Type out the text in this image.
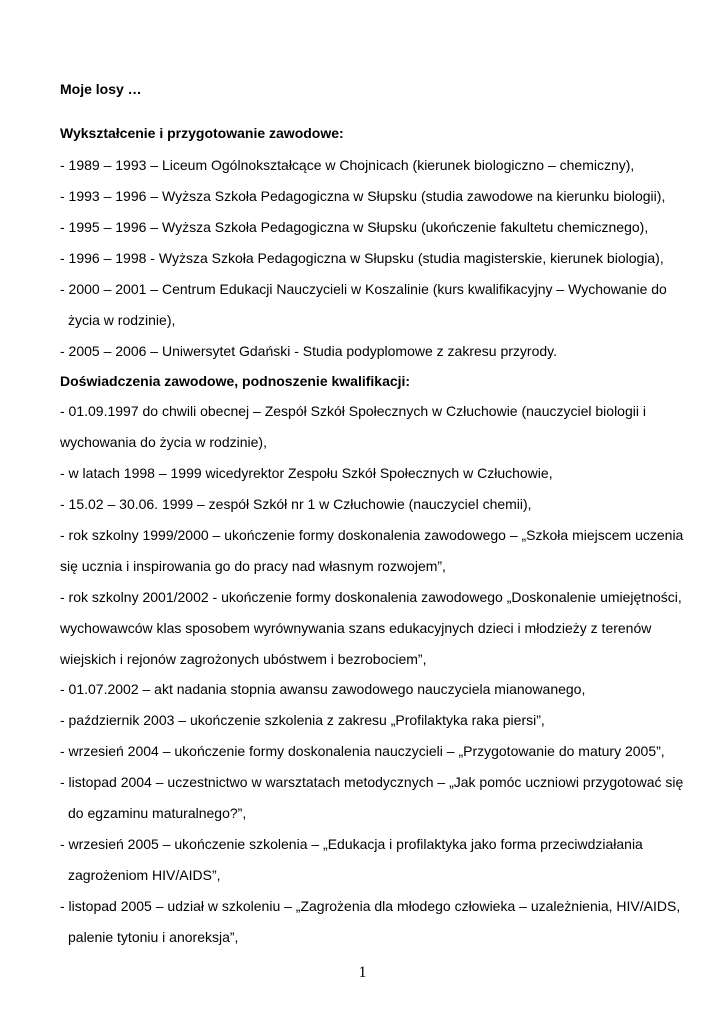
Moje losy …
Wykształcenie i przygotowanie zawodowe:
- 1989 – 1993 – Liceum Ogólnokształcące w Chojnicach (kierunek biologiczno – chemiczny),
- 1993 – 1996 – Wyższa Szkoła Pedagogiczna w Słupsku (studia zawodowe na kierunku biologii),
- 1995 – 1996 – Wyższa Szkoła Pedagogiczna w Słupsku (ukończenie fakultetu chemicznego),
- 1996 – 1998 - Wyższa Szkoła Pedagogiczna w Słupsku (studia magisterskie, kierunek biologia),
- 2000 – 2001 – Centrum Edukacji Nauczycieli w Koszalinie (kurs kwalifikacyjny – Wychowanie do
życia w rodzinie),
- 2005 – 2006 – Uniwersytet Gdański - Studia podyplomowe z zakresu przyrody.
Doświadczenia zawodowe, podnoszenie kwalifikacji:
- 01.09.1997 do chwili obecnej – Zespół Szkół Społecznych w Człuchowie (nauczyciel biologii i
wychowania do życia w rodzinie),
- w latach 1998 – 1999 wicedyrektor Zespołu Szkół Społecznych w Człuchowie,
- 15.02 – 30.06. 1999 – zespół Szkół nr 1 w Człuchowie (nauczyciel chemii),
- rok szkolny 1999/2000 – ukończenie formy doskonalenia zawodowego – „Szkoła miejscem uczenia
się ucznia i inspirowania go do pracy nad własnym rozwojem”,
- rok szkolny 2001/2002 - ukończenie formy doskonalenia zawodowego „Doskonalenie umiejętności,
wychowawców klas sposobem wyrównywania szans edukacyjnych dzieci i młodzieży z terenów
wiejskich i rejonów zagrożonych ubóstwem i bezrobociem”,
- 01.07.2002 – akt nadania stopnia awansu zawodowego nauczyciela mianowanego,
- październik 2003 – ukończenie szkolenia z zakresu „Profilaktyka raka piersi”,
- wrzesień 2004 – ukończenie formy doskonalenia nauczycieli – „Przygotowanie do matury 2005”,
- listopad 2004 – uczestnictwo w warsztatach metodycznych – „Jak pomóc uczniowi przygotować się
do egzaminu maturalnego?”,
- wrzesień 2005 – ukończenie szkolenia – „Edukacja i profilaktyka jako forma przeciwdziałania
zagrożeniom HIV/AIDS”,
- listopad 2005 – udział w szkoleniu – „Zagrożenia dla młodego człowieka – uzależnienia, HIV/AIDS,
palenie tytoniu i anoreksja”,
1
